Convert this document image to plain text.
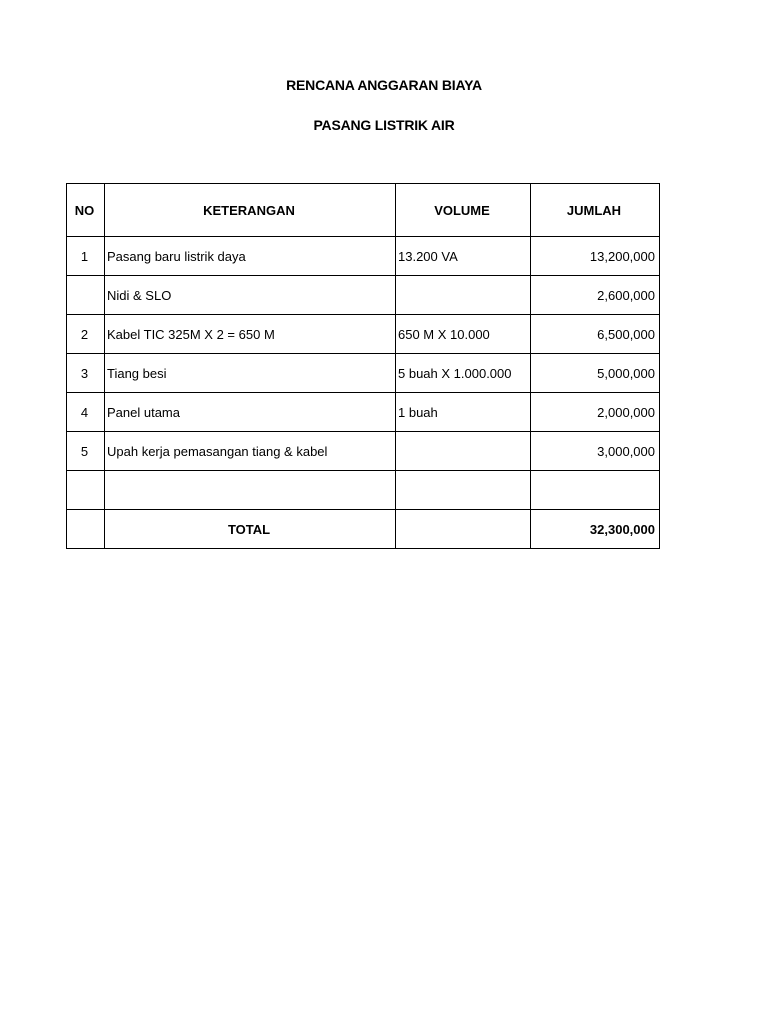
RENCANA ANGGARAN BIAYA
PASANG LISTRIK AIR
NO	KETERANGAN	VOLUME	JUMLAH
1	Pasang baru listrik daya	13.200 VA	13,200,000
	Nidi & SLO		2,600,000
2	Kabel TIC 325M X 2 = 650 M	650 M X 10.000	6,500,000
3	Tiang besi	5 buah X 1.000.000	5,000,000
4	Panel utama	1 buah	2,000,000
5	Upah kerja pemasangan tiang & kabel		3,000,000

	TOTAL		32,300,000
